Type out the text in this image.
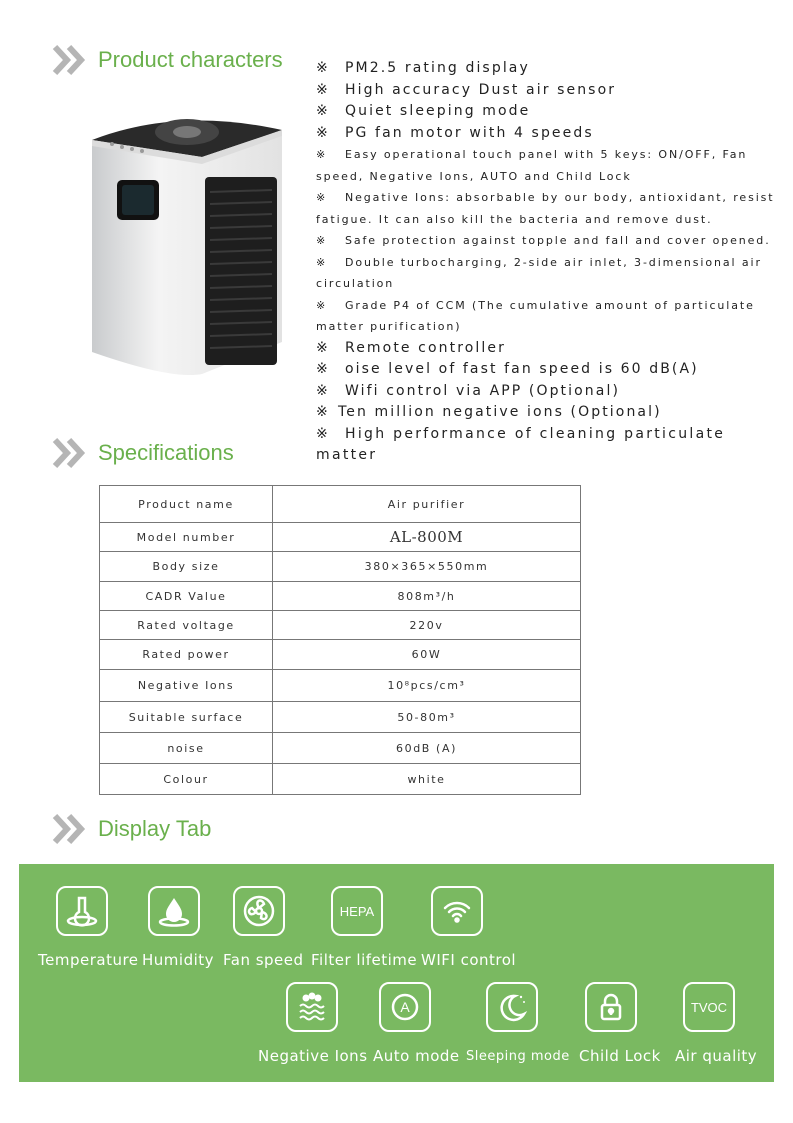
Product characters ※ PM2.5 rating display
※ High accuracy Dust air sensor
※ Quiet sleeping mode
※ PG fan motor with 4 speeds
※ Easy operational touch panel with 5 keys: ON/OFF, Fan speed, Negative Ions, AUTO and Child Lock
※ Negative Ions: absorbable by our body, antioxidant, resist fatigue. It can also kill the bacteria and remove dust.
※ Safe protection against topple and fall and cover opened.
※ Double turbocharging, 2-side air inlet, 3-dimensional air circulation
※ Grade P4 of CCM (The cumulative amount of particulate matter purification)
※ Remote controller
※ oise level of fast fan speed is 60 dB(A)
※ Wifi control via APP (Optional)
※ Ten million negative ions (Optional)
※ High performance of cleaning particulate matter
Specifications
Product name	Air purifier
Model number	AL-800M
Body size	380×365×550mm
CADR Value	808m³/h
Rated voltage	220v
Rated power	60W
Negative Ions	10⁸pcs/cm³
Suitable surface	50-80m³
noise	60dB (A)
Colour	white
Display Tab
HEPA
Temperature Humidity Fan speed Filter lifetime WIFI control
A	TVOC
Negative Ions Auto mode Sleeping mode Child Lock Air quality
